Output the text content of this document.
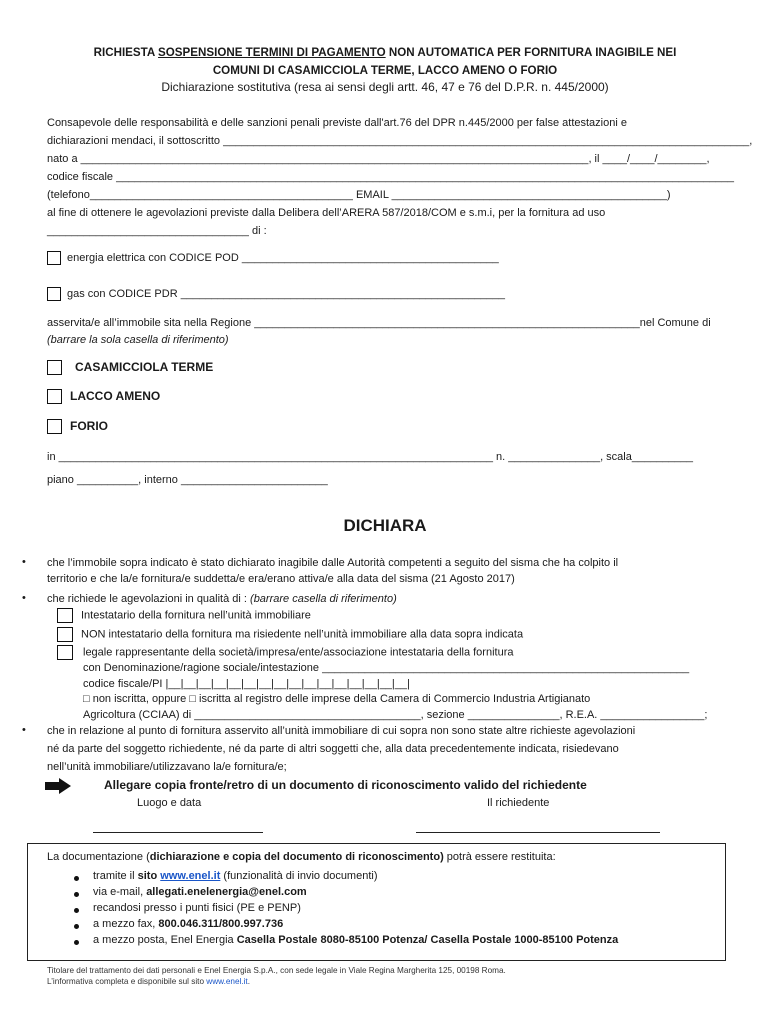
RICHIESTA SOSPENSIONE TERMINI DI PAGAMENTO NON AUTOMATICA PER FORNITURA INAGIBILE NEI
COMUNI DI CASAMICCIOLA TERME, LACCO AMENO O FORIO
Dichiarazione sostitutiva (resa ai sensi degli artt. 46, 47 e 76 del D.P.R. n. 445/2000)
Consapevole delle responsabilità e delle sanzioni penali previste dall'art.76 del DPR n.445/2000 per false attestazioni e
dichiarazioni mendaci, il sottoscritto ______________________________________________________________________________________,
nato a ___________________________________________________________________________________, il ____/____/________,
codice fiscale _____________________________________________________________________________________________________
(telefono___________________________________________ EMAIL _____________________________________________)
al fine di ottenere le agevolazioni previste dalla Delibera dell’ARERA 587/2018/COM e s.m.i, per la fornitura ad uso
_________________________________ di :
energia elettrica con CODICE POD __________________________________________
gas con CODICE PDR _____________________________________________________
asservita/e all’immobile sita nella Regione _______________________________________________________________nel Comune di
(barrare la sola casella di riferimento)
CASAMICCIOLA TERME
LACCO AMENO
FORIO
in _______________________________________________________________________ n. _______________, scala__________
piano __________, interno ________________________
DICHIARA
• che l’immobile sopra indicato è stato dichiarato inagibile dalle Autorità competenti a seguito del sisma che ha colpito il
territorio e che la/e fornitura/e suddetta/e era/erano attiva/e alla data del sisma (21 Agosto 2017)
• che richiede le agevolazioni in qualità di : (barrare casella di riferimento)
Intestatario della fornitura nell’unità immobiliare
NON intestatario della fornitura ma risiedente nell’unità immobiliare alla data sopra indicata
legale rappresentante della società/impresa/ente/associazione intestataria della fornitura
con Denominazione/ragione sociale/intestazione ____________________________________________________________
codice fiscale/PI |__|__|__|__|__|__|__|__|__|__|__|__|__|__|__|__|
□ non iscritta, oppure □ iscritta al registro delle imprese della Camera di Commercio Industria Artigianato
Agricoltura (CCIAA) di _____________________________________, sezione _______________, R.E.A. _________________;
• che in relazione al punto di fornitura asservito all’unità immobiliare di cui sopra non sono state altre richieste agevolazioni
né da parte del soggetto richiedente, né da parte di altri soggetti che, alla data precedentemente indicata, risiedevano
nell’unità immobiliare/utilizzavano la/e fornitura/e;
Allegare copia fronte/retro di un documento di riconoscimento valido del richiedente
Luogo e data	Il richiedente
La documentazione (dichiarazione e copia del documento di riconoscimento) potrà essere restituita:
tramite il sito www.enel.it (funzionalità di invio documenti)
via e-mail, allegati.enelenergia@enel.com
recandosi presso i punti fisici (PE e PENP)
a mezzo fax, 800.046.311/800.997.736
a mezzo posta, Enel Energia Casella Postale 8080-85100 Potenza/ Casella Postale 1000-85100 Potenza
Titolare del trattamento dei dati personali e Enel Energia S.p.A., con sede legale in Viale Regina Margherita 125, 00198 Roma.
L’informativa completa e disponibile sul sito www.enel.it.
